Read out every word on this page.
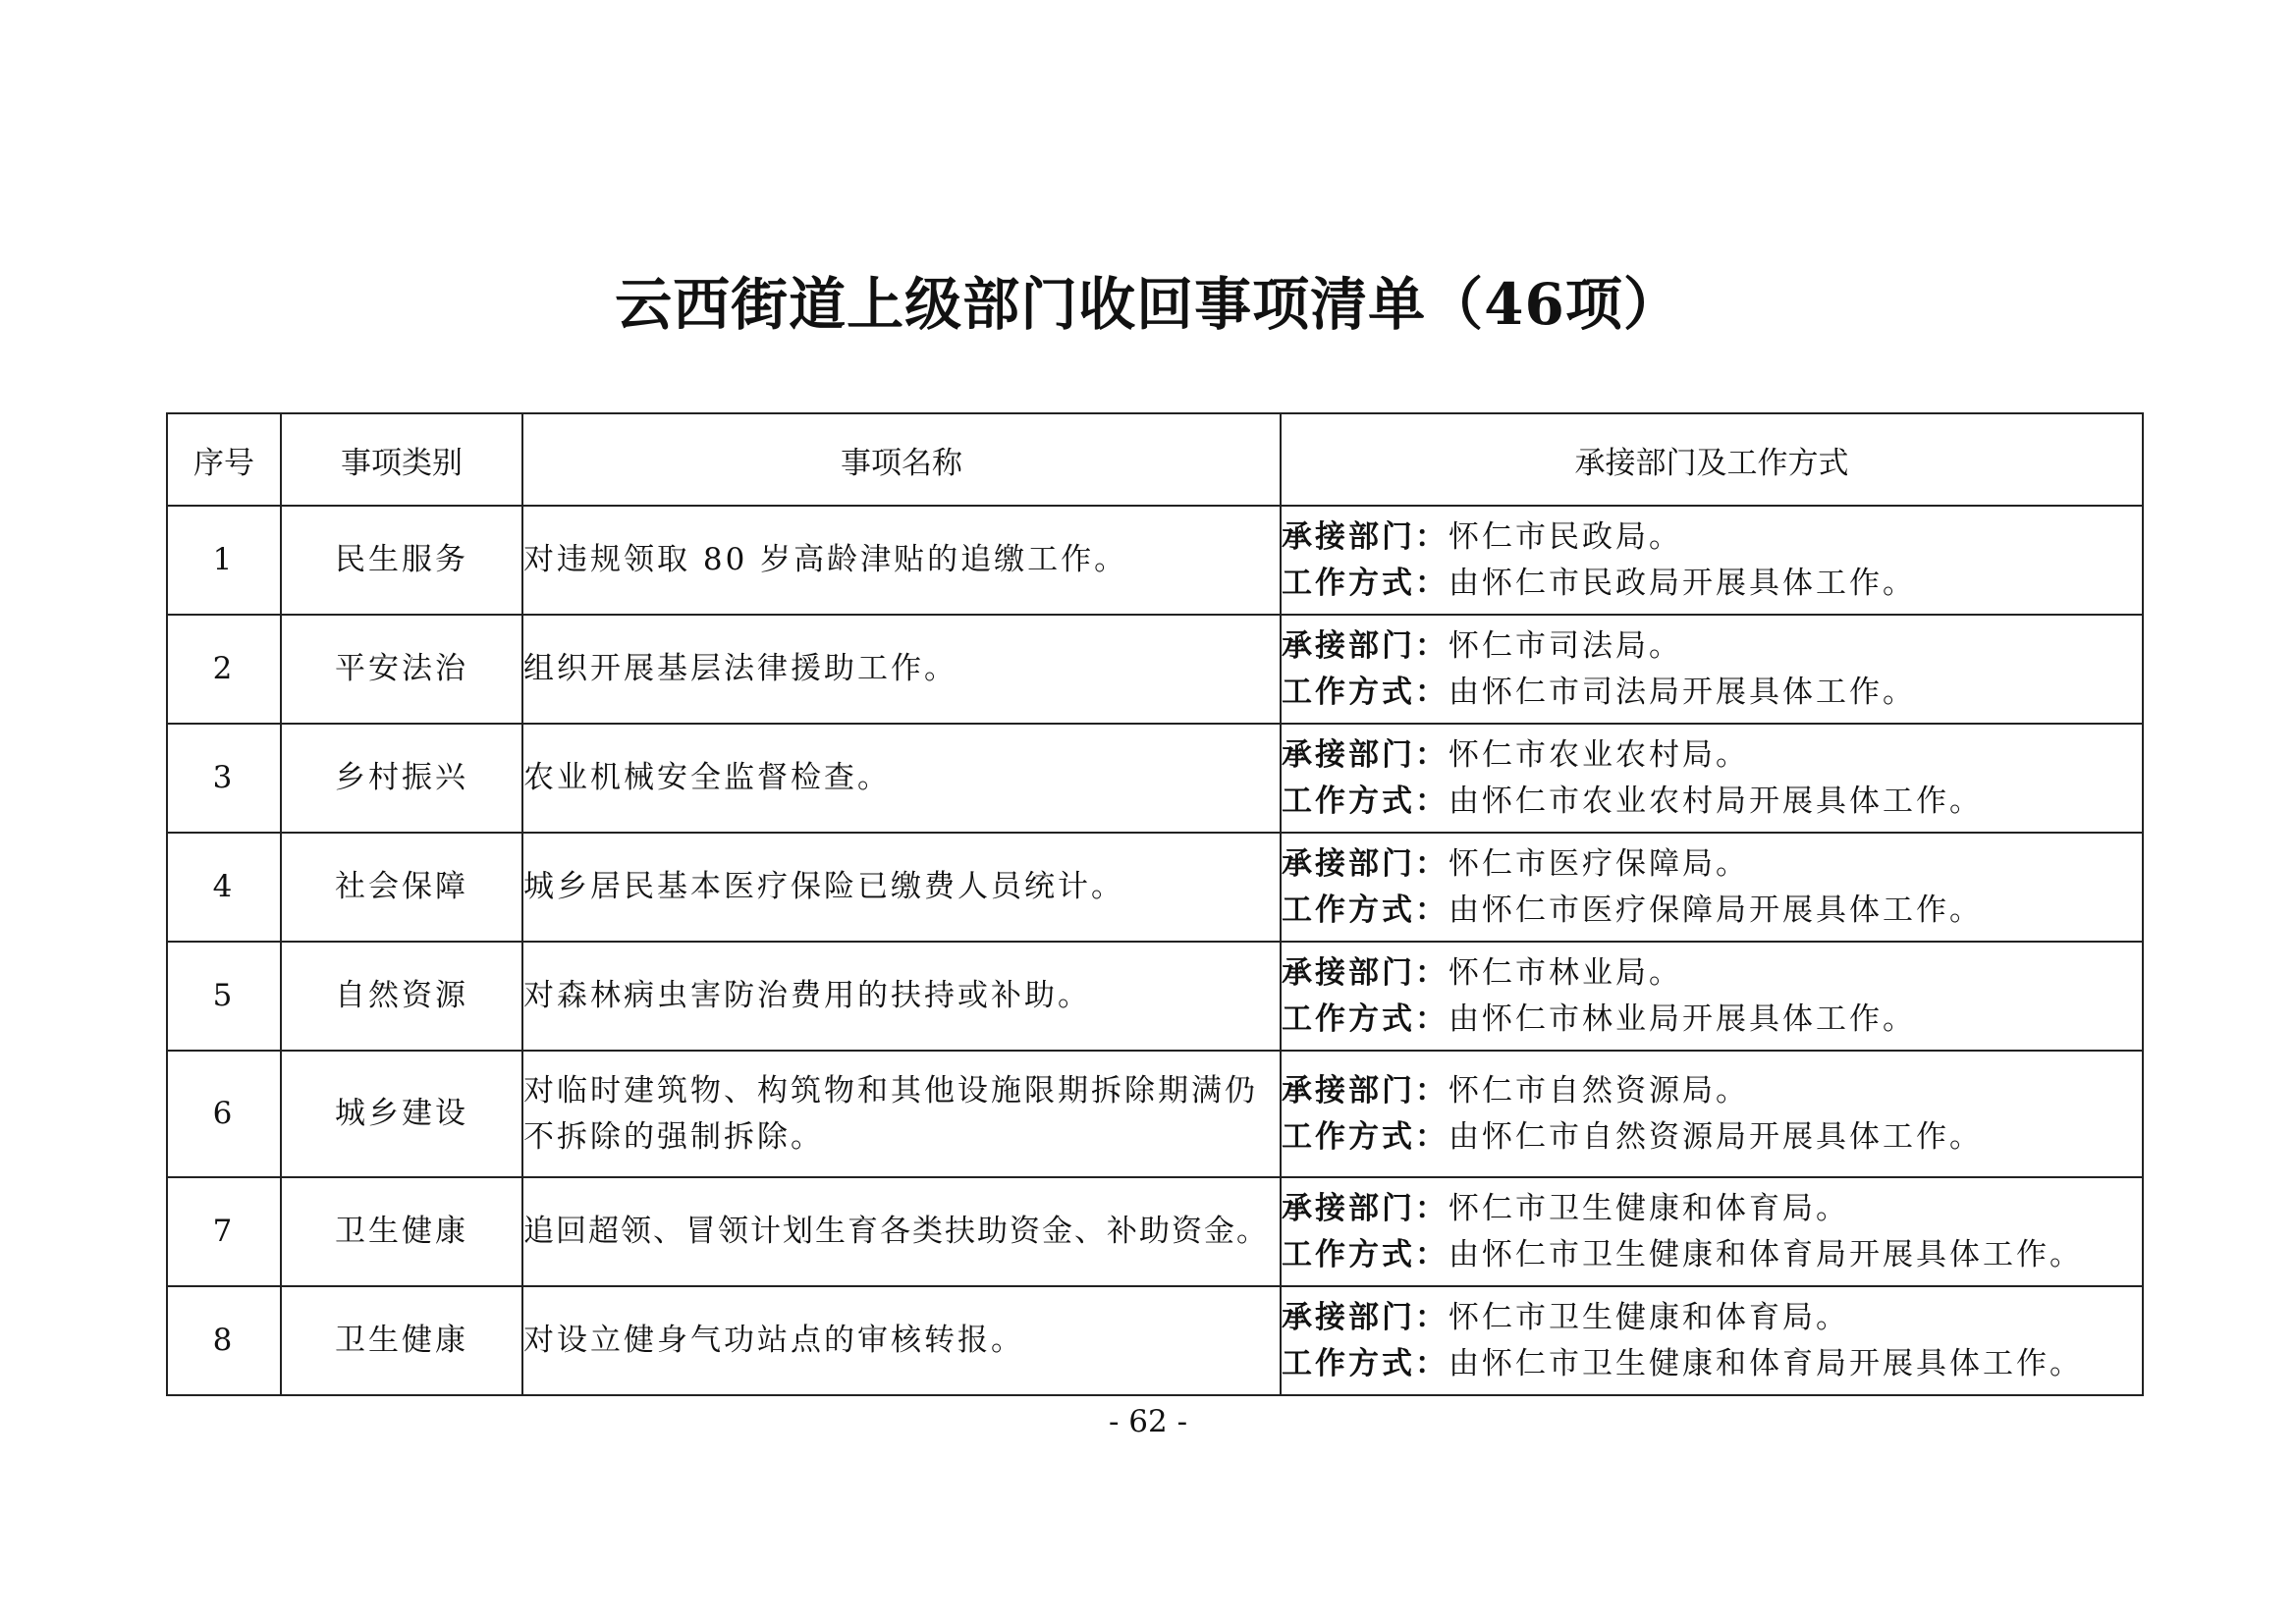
云西街道上级部门收回事项清单（46项）
序号	事项类别	事项名称	承接部门及工作方式
1	民生服务	对违规领取 80 岁高龄津贴的追缴工作。	承接部门：怀仁市民政局。
工作方式：由怀仁市民政局开展具体工作。

2	平安法治	组织开展基层法律援助工作。	承接部门：怀仁市司法局。
工作方式：由怀仁市司法局开展具体工作。

3	乡村振兴	农业机械安全监督检查。	承接部门：怀仁市农业农村局。
工作方式：由怀仁市农业农村局开展具体工作。

4	社会保障	城乡居民基本医疗保险已缴费人员统计。	承接部门：怀仁市医疗保障局。
工作方式：由怀仁市医疗保障局开展具体工作。

5	自然资源	对森林病虫害防治费用的扶持或补助。	承接部门：怀仁市林业局。
工作方式：由怀仁市林业局开展具体工作。

6	城乡建设	对临时建筑物、构筑物和其他设施限期拆除期满仍不拆除的强制拆除。	承接部门：怀仁市自然资源局。
工作方式：由怀仁市自然资源局开展具体工作。

7	卫生健康	追回超领、冒领计划生育各类扶助资金、补助资金。	承接部门：怀仁市卫生健康和体育局。
工作方式：由怀仁市卫生健康和体育局开展具体工作。

8	卫生健康	对设立健身气功站点的审核转报。	承接部门：怀仁市卫生健康和体育局。
工作方式：由怀仁市卫生健康和体育局开展具体工作。
- 62 -
